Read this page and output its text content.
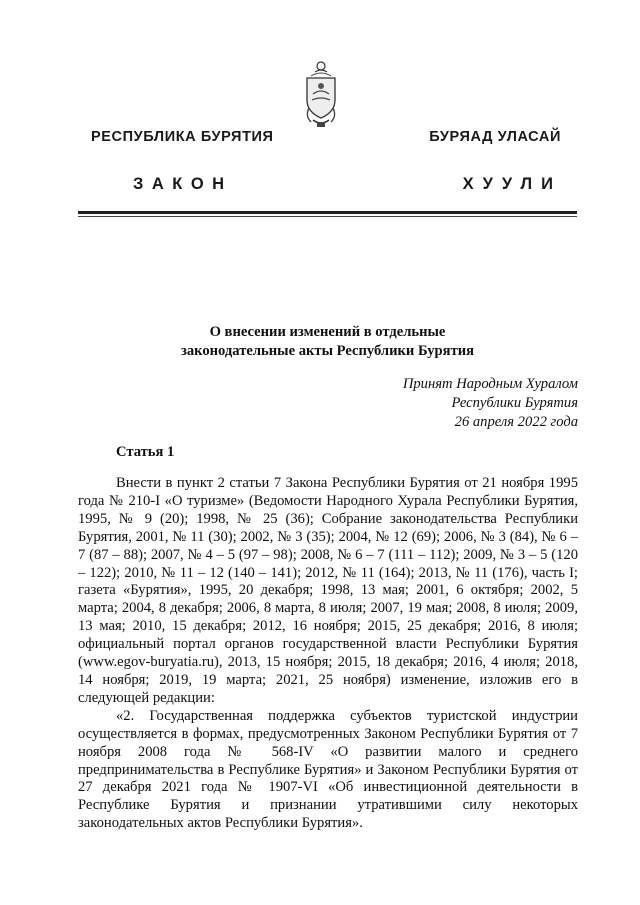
РЕСПУБЛИКА БУРЯТИЯ	БУРЯАД УЛАСАЙ
ЗАКОН	ХУУЛИ
О внесении изменений в отдельные
законодательные акты Республики Бурятия
Принят Народным Хуралом
Республики Бурятия
26 апреля 2022 года
Статья 1

Внести в пункт 2 статьи 7 Закона Республики Бурятия от 21 ноября 1995 года № 210-I «О туризме» (Ведомости Народного Хурала Республики Бурятия, 1995, № 9 (20); 1998, № 25 (36); Собрание законодательства Республики Бурятия, 2001, № 11 (30); 2002, № 3 (35); 2004, № 12 (69); 2006, № 3 (84), № 6 – 7 (87 – 88); 2007, № 4 – 5 (97 – 98); 2008, № 6 – 7 (111 – 112); 2009, № 3 – 5 (120 – 122); 2010, № 11 – 12 (140 – 141); 2012, № 11 (164); 2013, № 11 (176), часть I; газета «Бурятия», 1995, 20 декабря; 1998, 13 мая; 2001, 6 октября; 2002, 5 марта; 2004, 8 декабря; 2006, 8 марта, 8 июля; 2007, 19 мая; 2008, 8 июля; 2009, 13 мая; 2010, 15 декабря; 2012, 16 ноября; 2015, 25 декабря; 2016, 8 июля; официальный портал органов государственной власти Республики Бурятия (www.egov-buryatia.ru), 2013, 15 ноября; 2015, 18 декабря; 2016, 4 июля; 2018, 14 ноября; 2019, 19 марта; 2021, 25 ноября) изменение, изложив его в следующей редакции:

«2. Государственная поддержка субъектов туристской индустрии осуществляется в формах, предусмотренных Законом Республики Бурятия от 7 ноября 2008 года № 568-IV «О развитии малого и среднего предпринимательства в Республике Бурятия» и Законом Республики Бурятия от 27 декабря 2021 года № 1907-VI «Об инвестиционной деятельности в Республике Бурятия и признании утратившими силу некоторых законодательных актов Республики Бурятия».
